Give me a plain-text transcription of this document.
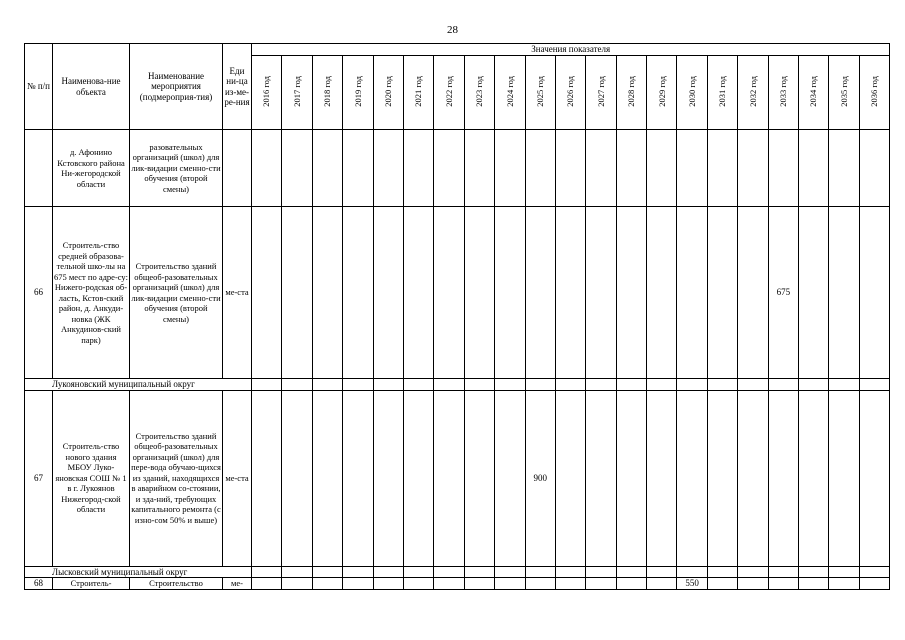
28
№ п/п	Наименова-ние объекта	Наименование мероприятия (подмероприя-тия)	Еди ни-ца из-ме-ре-ния	Значения показателя																				
				2016 год	2017 год	2018 год	2019 год	2020 год	2021 год	2022 год	2023 год	2024 год	2025 год	2026 год	2027 год	2028 год	2029 год	2030 год	2031 год	2032 год	2033 год	2034 год	2035 год	2036 год
	д. Афонино Кстовского района Ни-жегородской области	разовательных организаций (школ) для лик-видации сменно-сти обучения (второй смены)																						
66	Строитель-ство средней образова-тельной шко-лы на 675 мест по адре-су: Нижего-родская об-ласть, Кстов-ский район, д. Анкуди-новка (ЖК Анкудинов-ский парк)	Строительство зданий общеоб-разовательных организаций (школ) для лик-видации сменно-сти обучения (второй смены)	ме-ста																		675			
Лукояновский муниципальный округ																								
67	Строитель-ство нового здания МБОУ Луко-яновская СОШ № 1 в г. Лукоянов Нижегород-ской области	Строительство зданий общеоб-разовательных организаций (школ) для пере-вода обучаю-щихся из зданий, находящихся в аварийном со-стоянии, и зда-ний, требующих капитального ремонта (с изно-сом 50% и выше)	ме-ста										900											
Лысковский муниципальный округ																								
68	Строитель-	Строительство	ме-															550						
